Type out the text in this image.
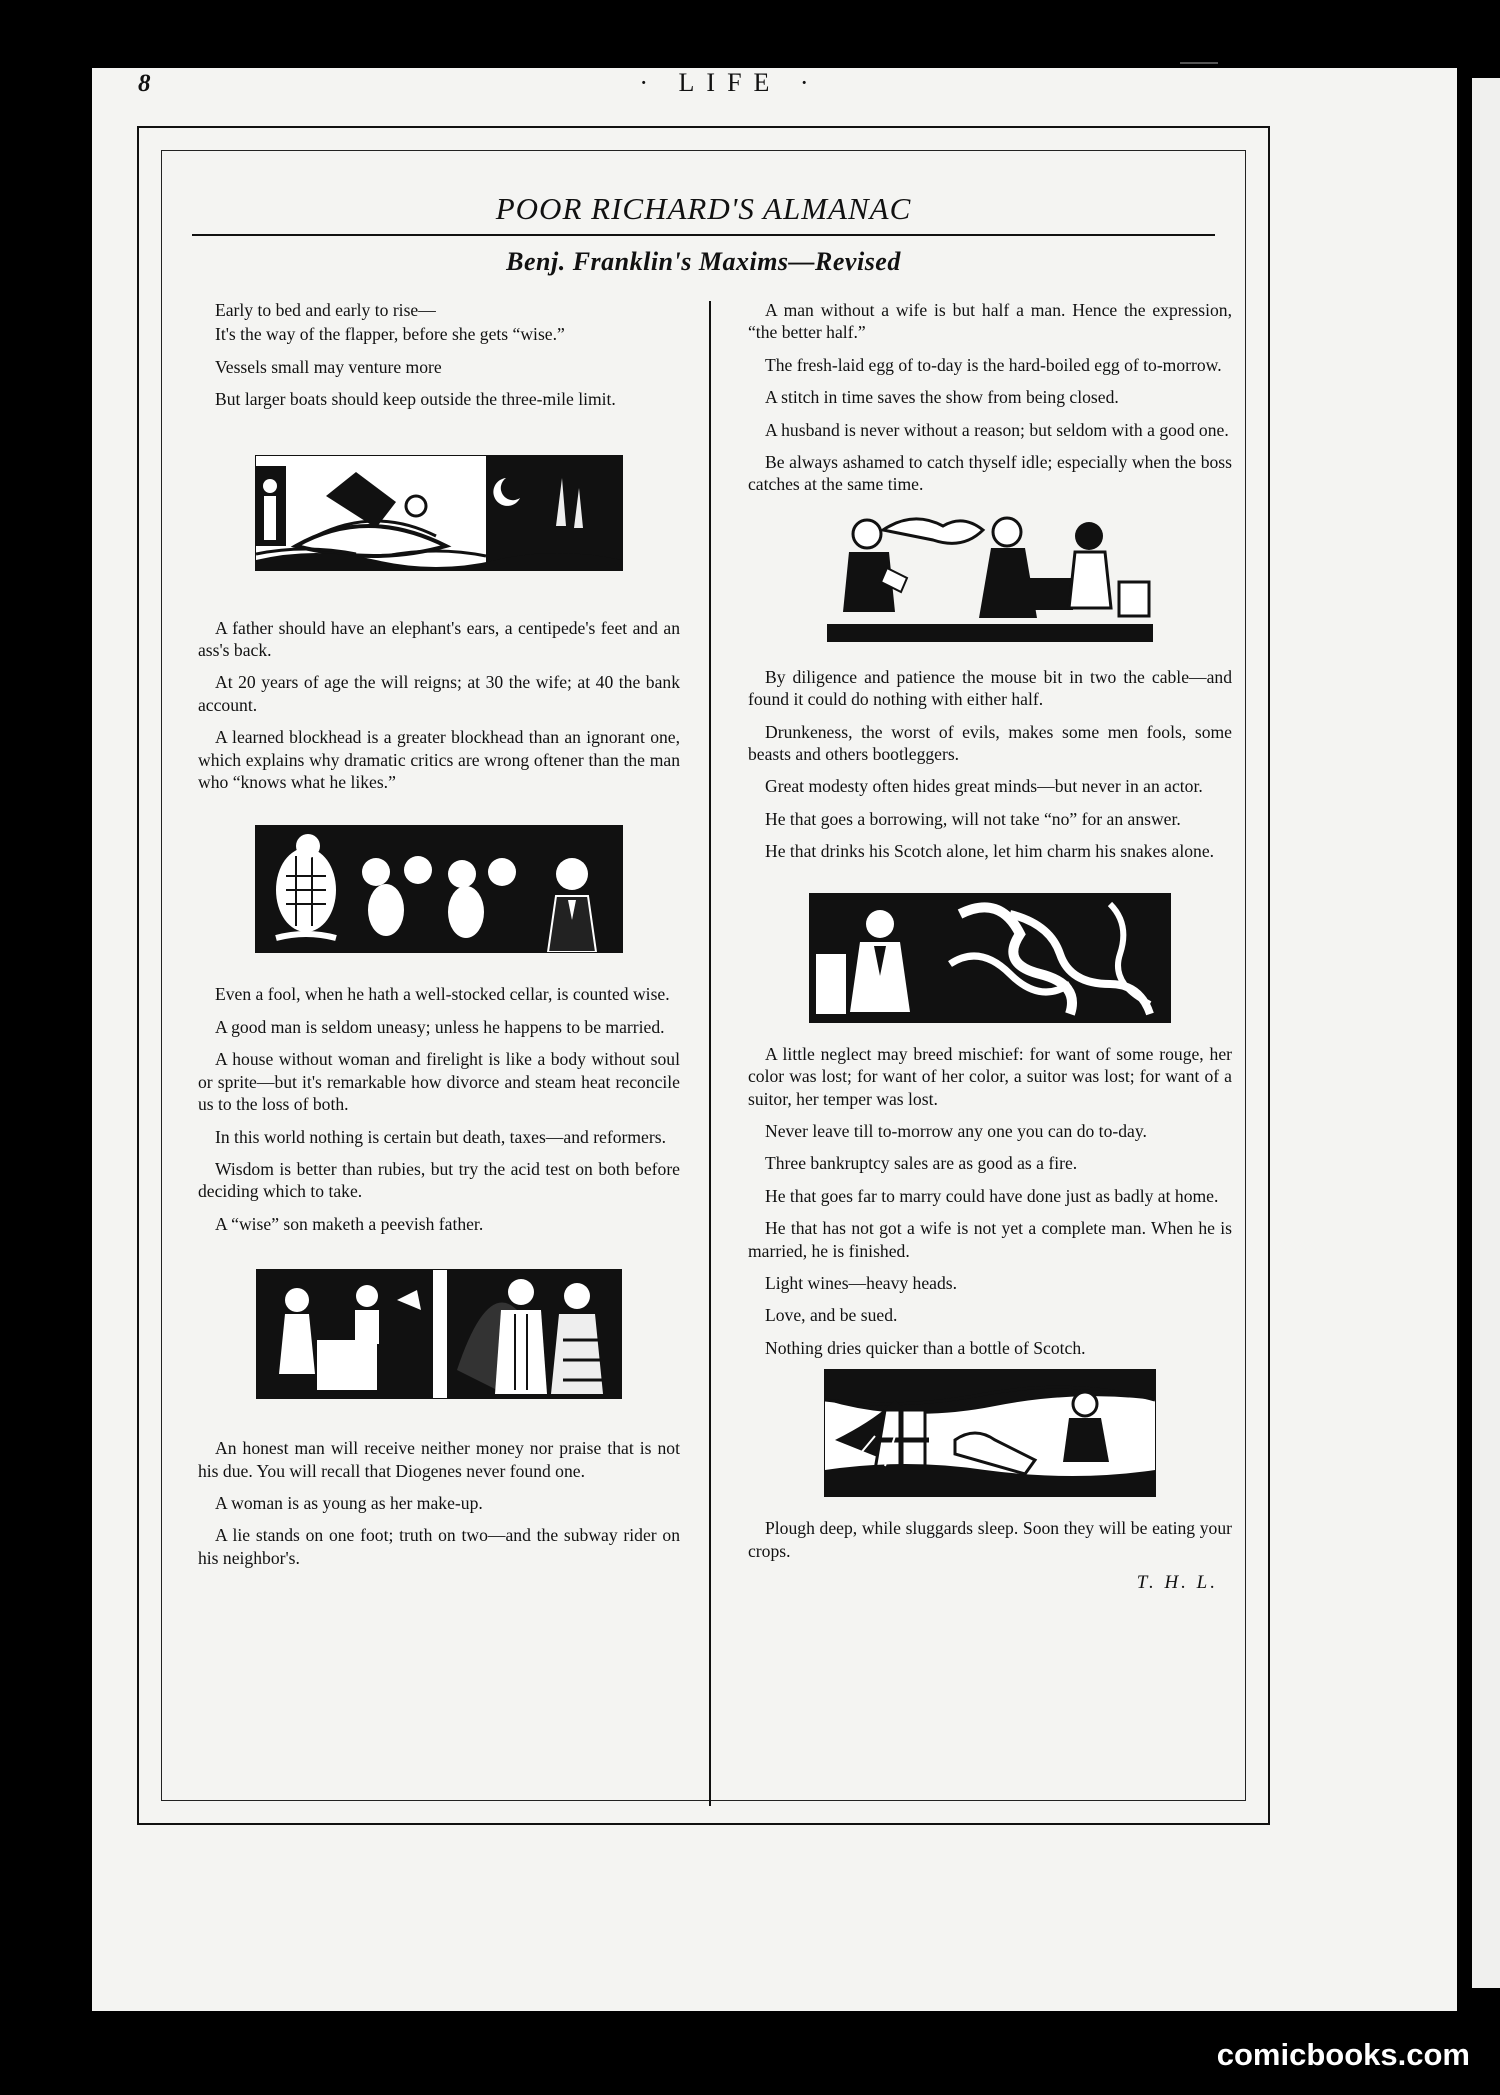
8	· LIFE ·
POOR RICHARD'S ALMANAC
Benj. Franklin's Maxims—Revised

Early to bed and early to rise—

It's the way of the flapper, before she gets “wise.”

Vessels small may venture more

But larger boats should keep outside the three-mile limit.

A father should have an elephant's ears, a centipede's feet and an ass's back.

At 20 years of age the will reigns; at 30 the wife; at 40 the bank account.

A learned blockhead is a greater blockhead than an ignorant one, which explains why dramatic critics are wrong oftener than the man who “knows what he likes.”

Even a fool, when he hath a well-stocked cellar, is counted wise.

A good man is seldom uneasy; unless he happens to be married.

A house without woman and firelight is like a body without soul or sprite—but it's remarkable how divorce and steam heat reconcile us to the loss of both.

In this world nothing is certain but death, taxes—and reformers.

Wisdom is better than rubies, but try the acid test on both before deciding which to take.

A “wise” son maketh a peevish father.

An honest man will receive neither money nor praise that is not his due. You will recall that Diogenes never found one.

A woman is as young as her make-up.

A lie stands on one foot; truth on two—and the subway rider on his neighbor's.

A man without a wife is but half a man. Hence the expression, “the better half.”

The fresh-laid egg of to-day is the hard-boiled egg of to-morrow.

A stitch in time saves the show from being closed.

A husband is never without a reason; but seldom with a good one.

Be always ashamed to catch thyself idle; especially when the boss catches at the same time.

By diligence and patience the mouse bit in two the cable—and found it could do nothing with either half.

Drunkeness, the worst of evils, makes some men fools, some beasts and others bootleggers.

Great modesty often hides great minds—but never in an actor.

He that goes a borrowing, will not take “no” for an answer.

He that drinks his Scotch alone, let him charm his snakes alone.

A little neglect may breed mischief: for want of some rouge, her color was lost; for want of her color, a suitor was lost; for want of a suitor, her temper was lost.

Never leave till to-morrow any one you can do to-day.

Three bankruptcy sales are as good as a fire.

He that goes far to marry could have done just as badly at home.

He that has not got a wife is not yet a complete man. When he is married, he is finished.

Light wines—heavy heads.

Love, and be sued.

Nothing dries quicker than a bottle of Scotch.

Plough deep, while sluggards sleep. Soon they will be eating your crops.

T. H. L.
comicbooks.com
